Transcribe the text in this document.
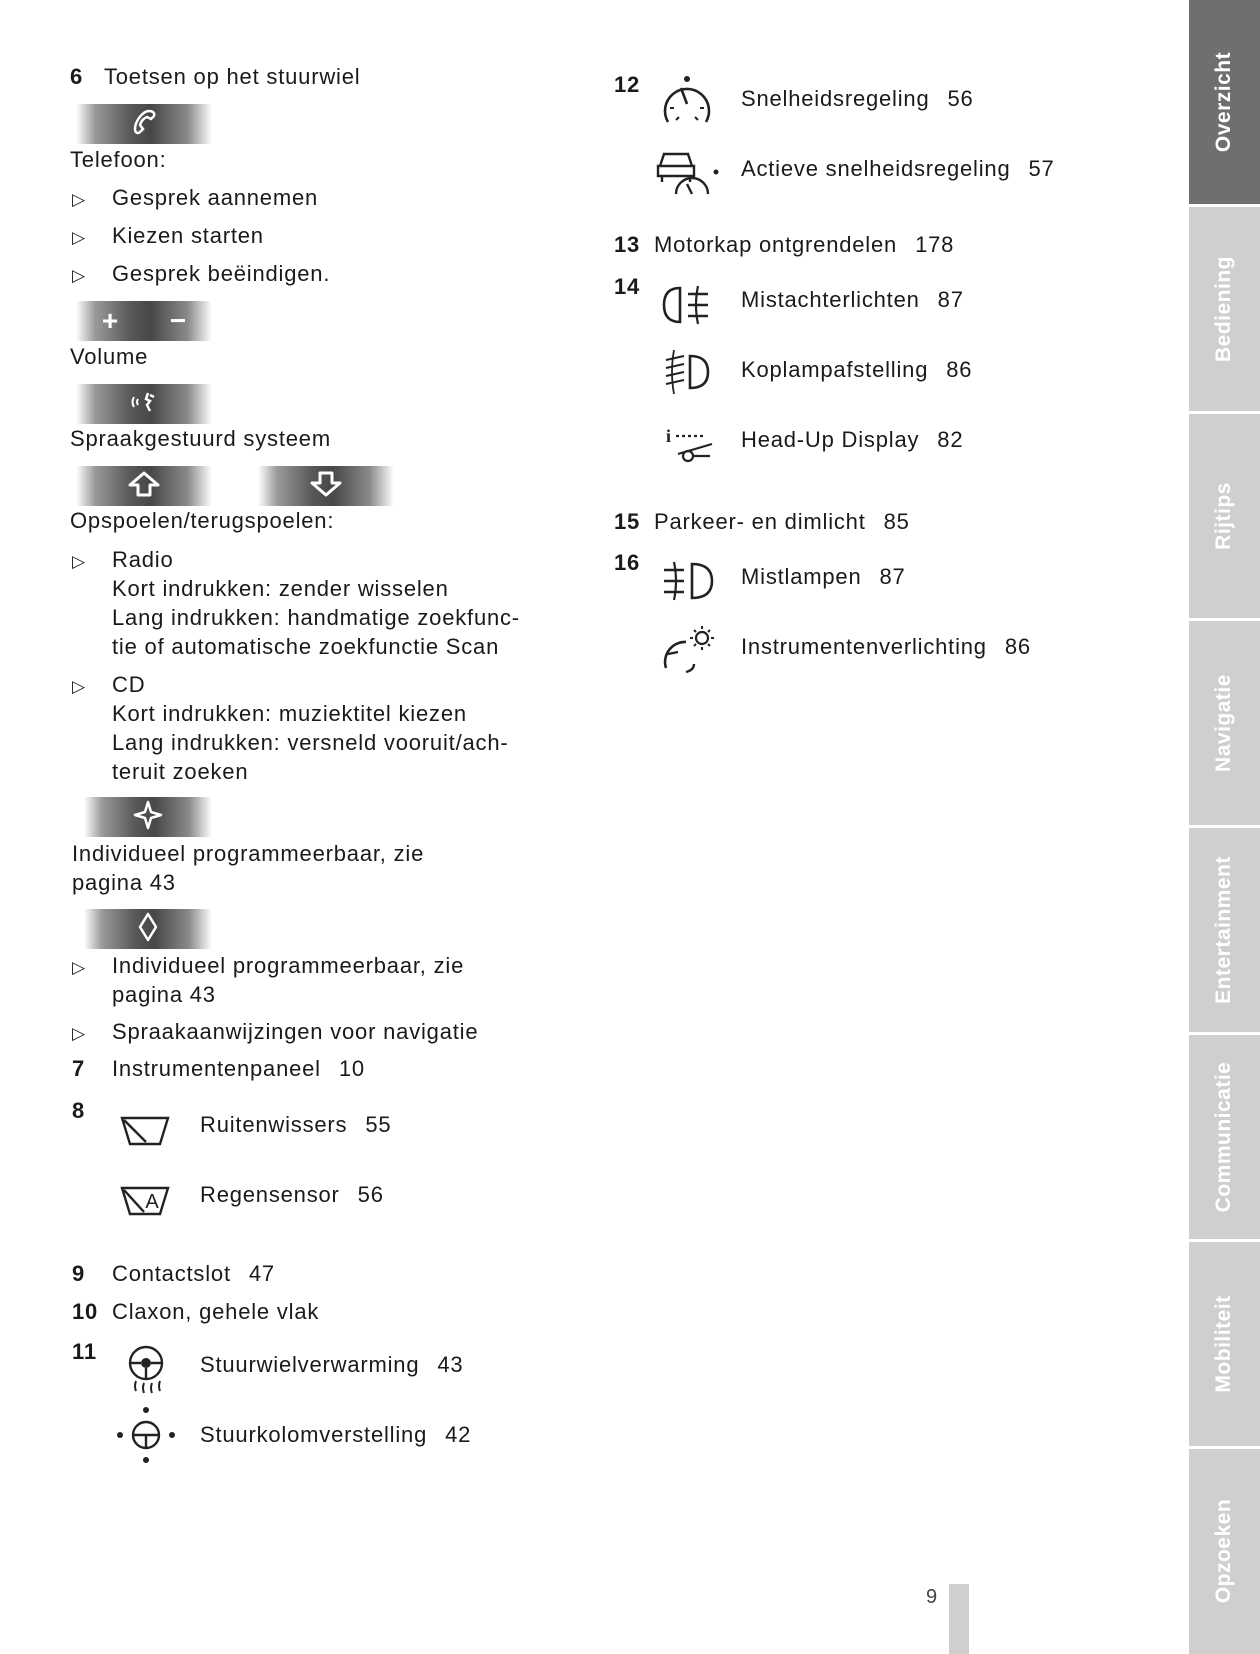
6 Toetsen op het stuurwiel
Telefoon:
▷ Gesprek aannemen
▷ Kiezen starten
▷ Gesprek beëindigen.
+ −
Volume
Spraakgestuurd systeem
Opspoelen/terugspoelen:
▷ Radio
Kort indrukken: zender wisselen
Lang indrukken: handmatige zoekfunc-
tie of automatische zoekfunctie Scan
▷ CD
Kort indrukken: muziektitel kiezen
Lang indrukken: versneld vooruit/ach-
teruit zoeken
Individueel programmeerbaar, zie
pagina 43
▷ Individueel programmeerbaar, zie
pagina 43
▷ Spraakaanwijzingen voor navigatie
7 Instrumentenpaneel 10
8
Ruitenwissers 55
A Regensensor 56
9 Contactslot 47
10 Claxon, gehele vlak
11
Stuurwielverwarming 43
Stuurkolomverstelling 42
12
Snelheidsregeling 56
Actieve snelheidsregeling 57
13 Motorkap ontgrendelen 178
14
Mistachterlichten 87
Koplampafstelling 86
i	Head-Up Display 82
15 Parkeer- en dimlicht 85
16
Mistlampen 87
Instrumentenverlichting 86
9
Overzicht
Bediening
Rijtips
Navigatie
Entertainment
Communicatie
Mobiliteit
Opzoeken
